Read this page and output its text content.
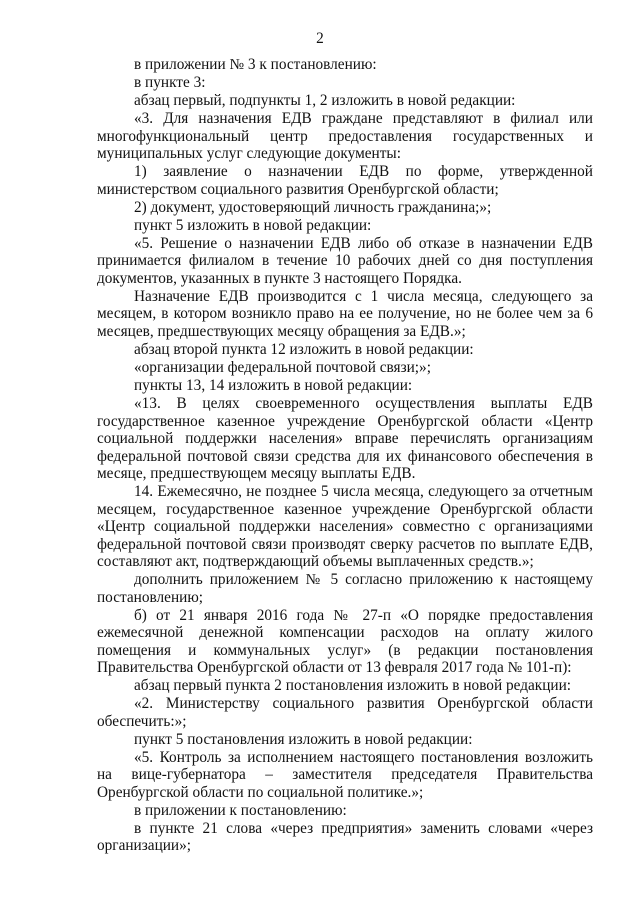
2

в приложении № 3 к постановлению:

в пункте 3:

абзац первый, подпункты 1, 2 изложить в новой редакции:

«3. Для назначения ЕДВ граждане представляют в филиал или многофункциональный центр предоставления государственных и муниципальных услуг следующие документы:

1) заявление о назначении ЕДВ по форме, утвержденной министерством социального развития Оренбургской области;

2) документ, удостоверяющий личность гражданина;»;

пункт 5 изложить в новой редакции:

«5. Решение о назначении ЕДВ либо об отказе в назначении ЕДВ принимается филиалом в течение 10 рабочих дней со дня поступления документов, указанных в пункте 3 настоящего Порядка.

Назначение ЕДВ производится с 1 числа месяца, следующего за месяцем, в котором возникло право на ее получение, но не более чем за 6 месяцев, предшествующих месяцу обращения за ЕДВ.»;

абзац второй пункта 12 изложить в новой редакции:

«организации федеральной почтовой связи;»;

пункты 13, 14 изложить в новой редакции:

«13. В целях своевременного осуществления выплаты ЕДВ государственное казенное учреждение Оренбургской области «Центр социальной поддержки населения» вправе перечислять организациям федеральной почтовой связи средства для их финансового обеспечения в месяце, предшествующем месяцу выплаты ЕДВ.

14. Ежемесячно, не позднее 5 числа месяца, следующего за отчетным месяцем, государственное казенное учреждение Оренбургской области «Центр социальной поддержки населения» совместно с организациями федеральной почтовой связи производят сверку расчетов по выплате ЕДВ, составляют акт, подтверждающий объемы выплаченных средств.»;

дополнить приложением № 5 согласно приложению к настоящему постановлению;

б) от 21 января 2016 года № 27-п «О порядке предоставления ежемесячной денежной компенсации расходов на оплату жилого помещения и коммунальных услуг» (в редакции постановления Правительства Оренбургской области от 13 февраля 2017 года № 101-п):

абзац первый пункта 2 постановления изложить в новой редакции:

«2. Министерству социального развития Оренбургской области обеспечить:»;

пункт 5 постановления изложить в новой редакции:

«5. Контроль за исполнением настоящего постановления возложить на вице-губернатора – заместителя председателя Правительства Оренбургской области по социальной политике.»;

в приложении к постановлению:

в пункте 21 слова «через предприятия» заменить словами «через организации»;
